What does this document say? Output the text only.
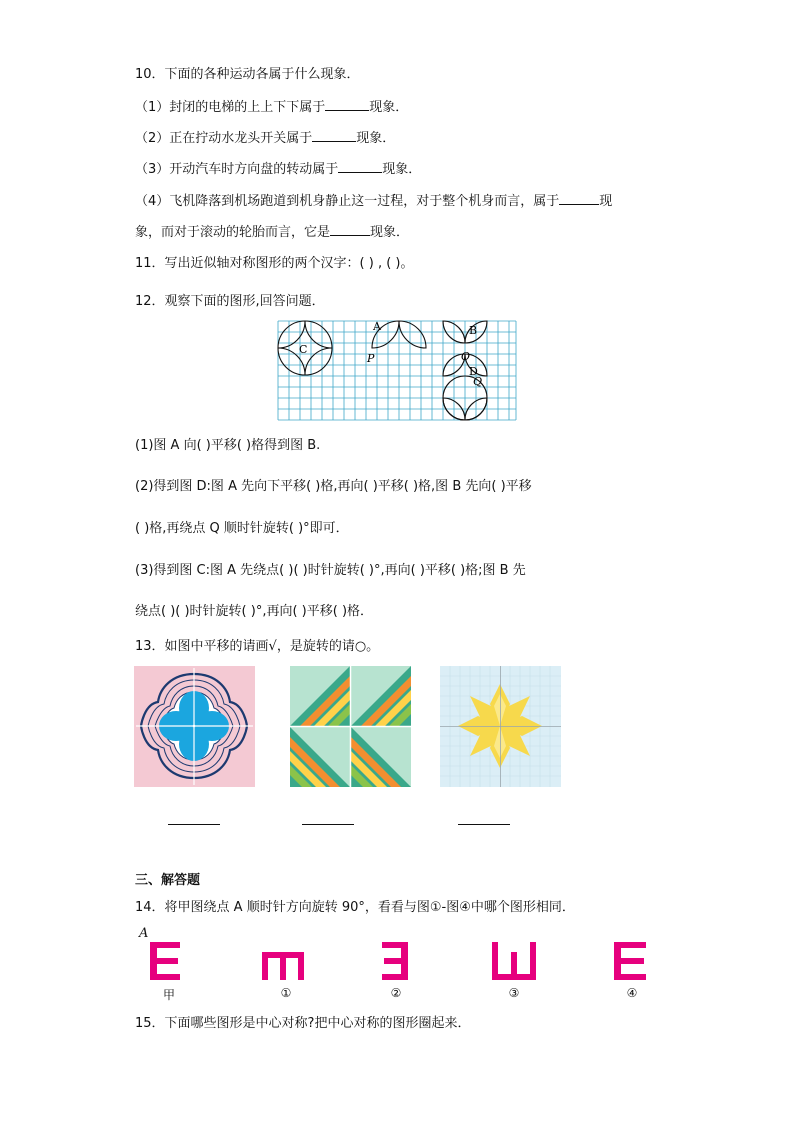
10．下面的各种运动各属于什么现象．
（1）封闭的电梯的上上下下属于	现象．
（2）正在拧动水龙头开关属于	现象．
（3）开动汽车时方向盘的转动属于	现象．
（4）飞机降落到机场跑道到机身静止这一过程，对于整个机身而言，属于	现
象，而对于滚动的轮胎而言，它是	现象．
11．写出近似轴对称图形的两个汉字：( ) , ( )。
12．观察下面的图形,回答问题．
C
A
P
B
O
D
Q
(1)图 A 向( )平移( )格得到图 B.
(2)得到图 D:图 A 先向下平移( )格,再向( )平移( )格,图 B 先向( )平移
( )格,再绕点 Q 顺时针旋转( )°即可．
(3)得到图 C:图 A 先绕点( )( )时针旋转( )°,再向( )平移( )格;图 B 先
绕点( )( )时针旋转( )°,再向( )平移( )格．
13．如图中平移的请画√，是旋转的请○。
三、解答题
14．将甲图绕点 A 顺时针方向旋转 90°，看看与图①-图④中哪个图形相同．
A
甲	①	②	③	④
15．下面哪些图形是中心对称?把中心对称的图形圈起来．
